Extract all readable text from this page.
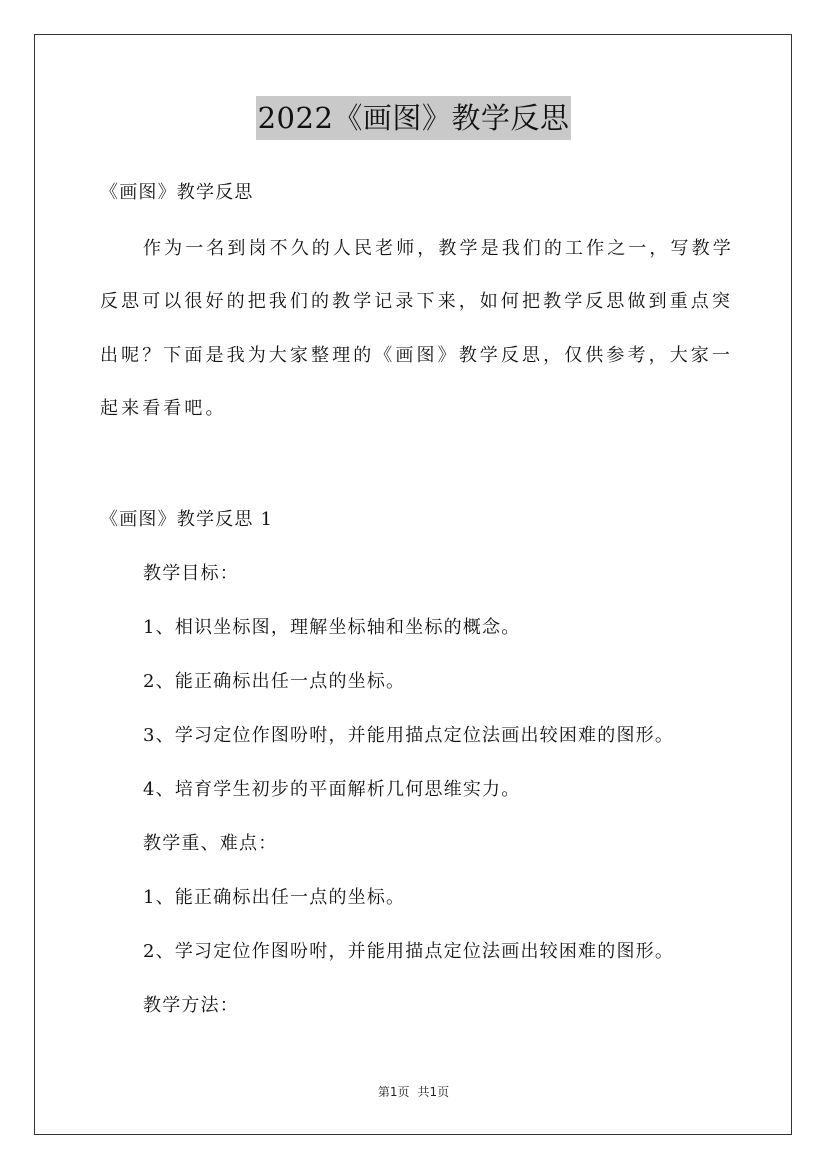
2022《画图》教学反思
《画图》教学反思
作为一名到岗不久的人民老师，教学是我们的工作之一，写教学
反思可以很好的把我们的教学记录下来，如何把教学反思做到重点突
出呢？下面是我为大家整理的《画图》教学反思，仅供参考，大家一
起来看看吧。
《画图》教学反思 1
教学目标：
1、相识坐标图，理解坐标轴和坐标的概念。
2、能正确标出任一点的坐标。
3、学习定位作图吩咐，并能用描点定位法画出较困难的图形。
4、培育学生初步的平面解析几何思维实力。
教学重、难点：
1、能正确标出任一点的坐标。
2、学习定位作图吩咐，并能用描点定位法画出较困难的图形。
教学方法：
第1页 共1页
